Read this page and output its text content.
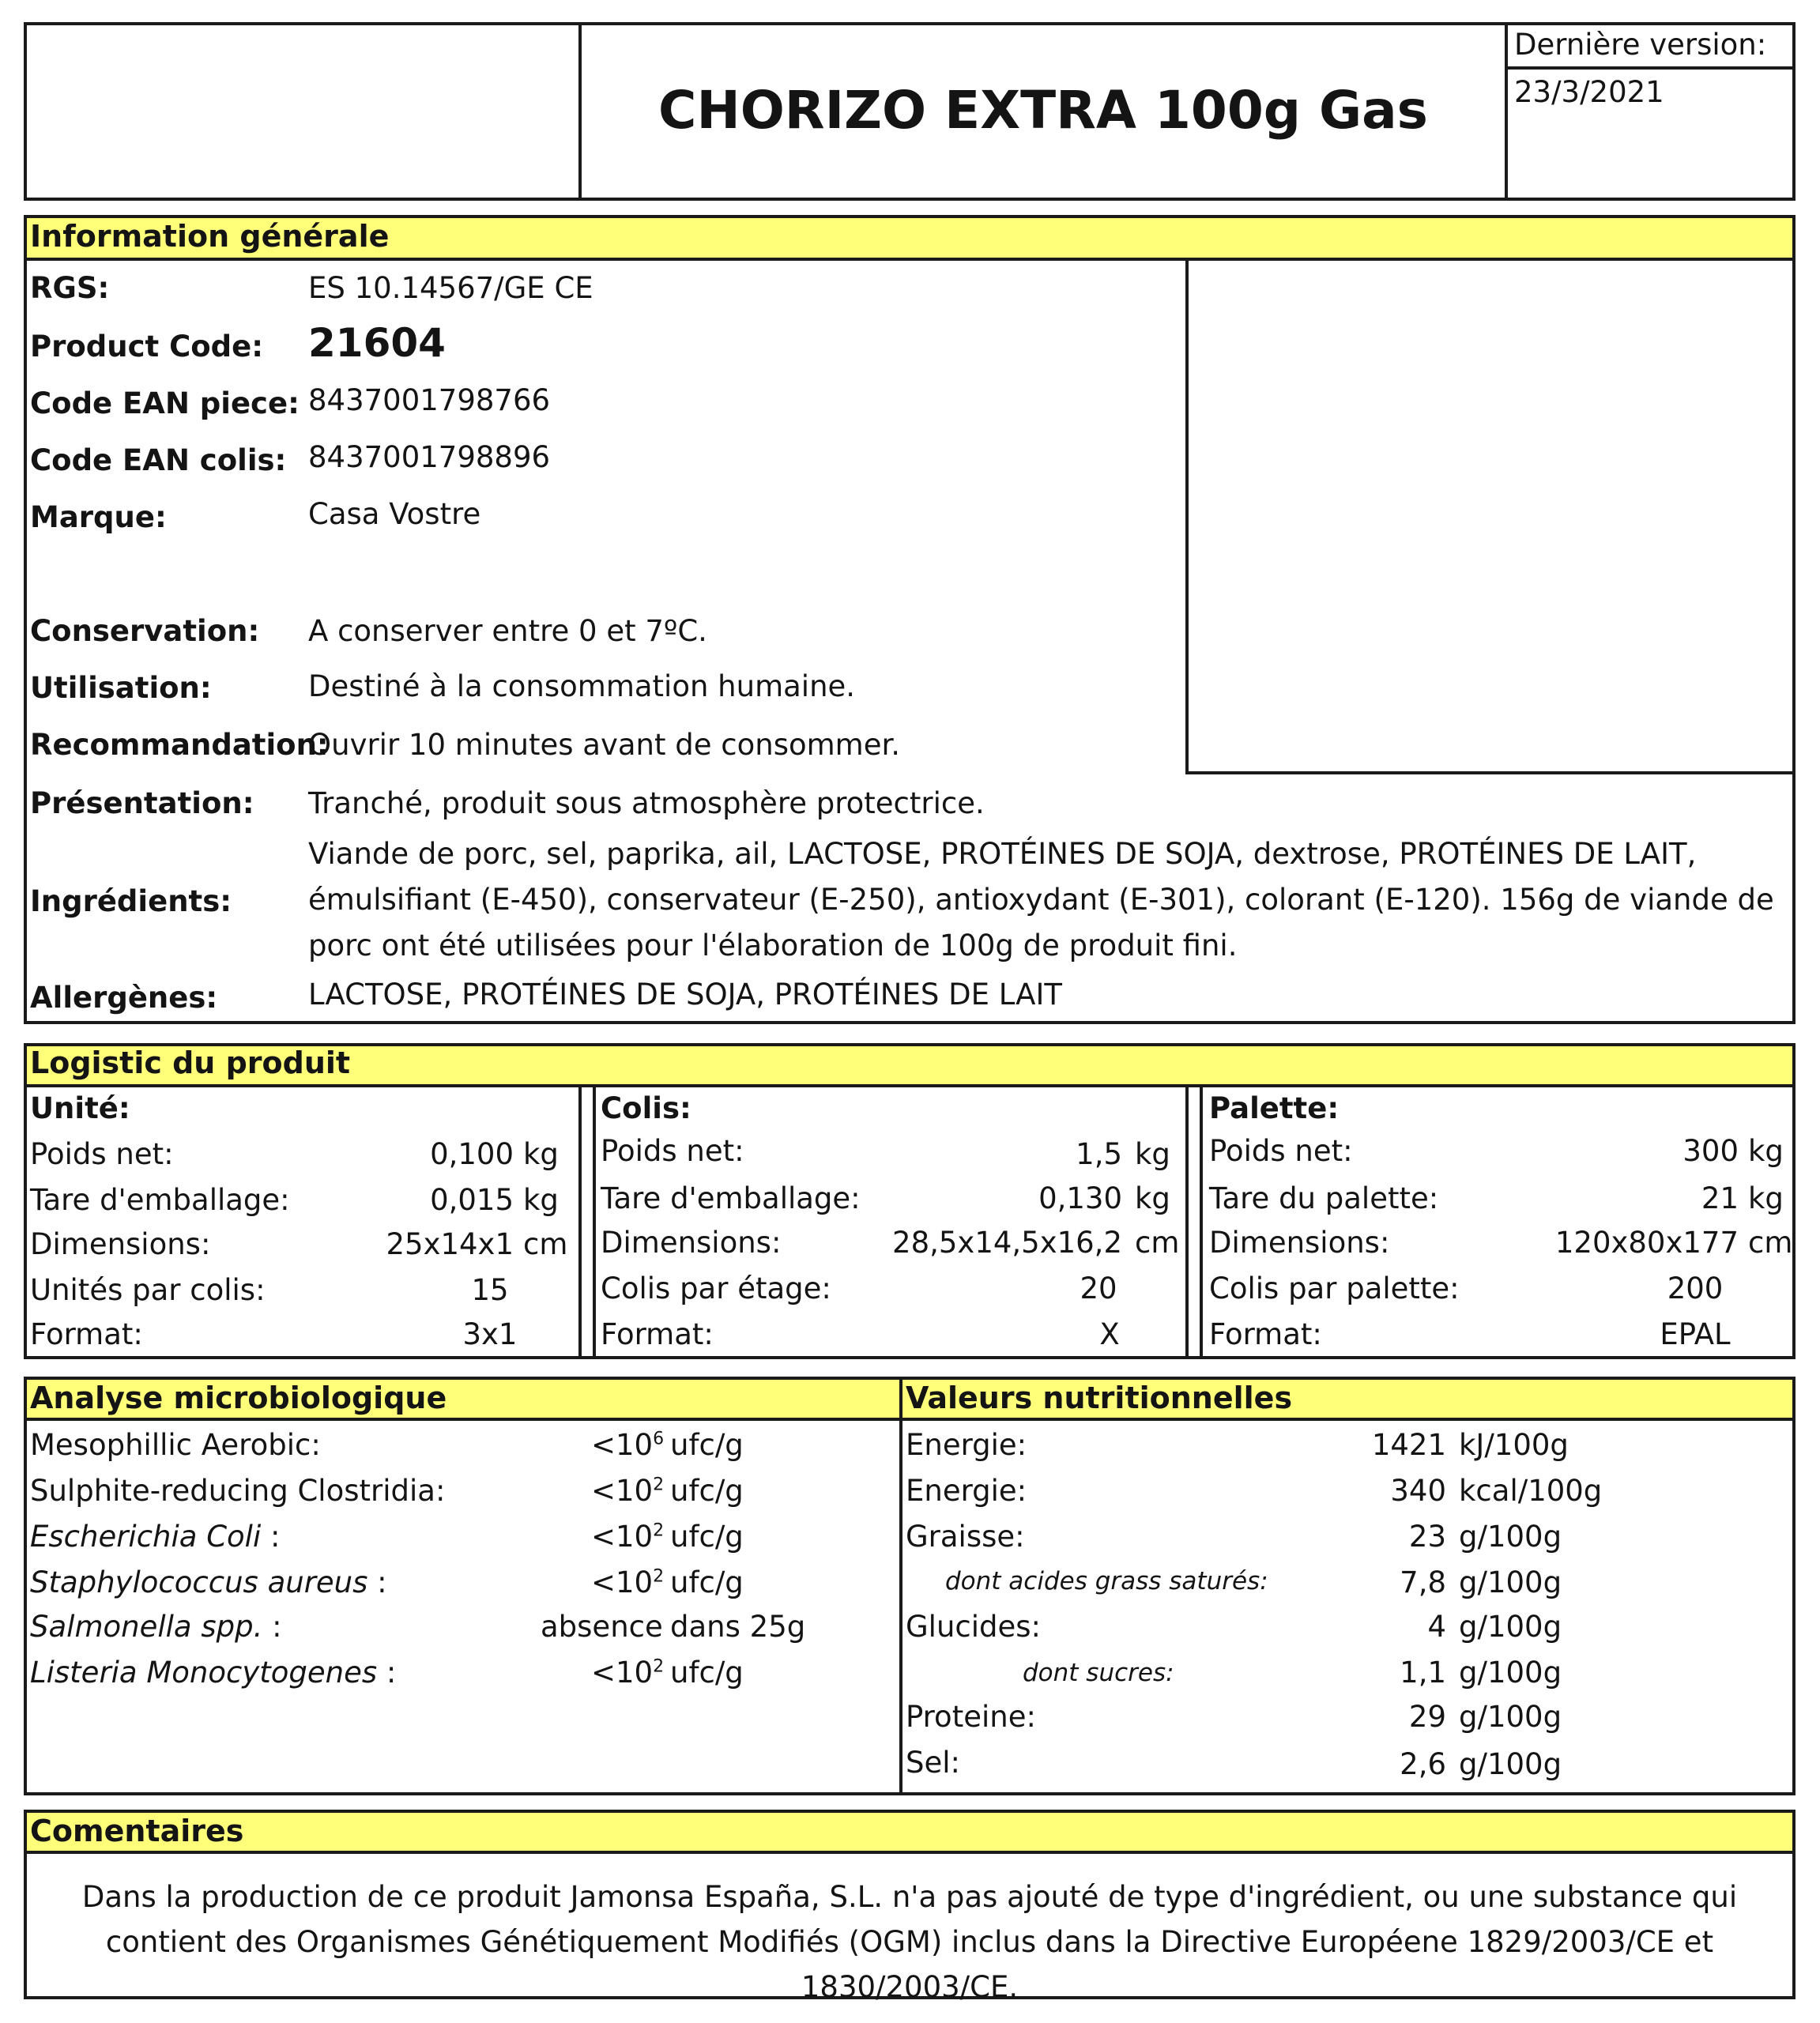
CHORIZO EXTRA 100g Gas
Dernière version:
23/3/2021
Information générale
RGS:	ES 10.14567/GE CE
Product Code: 21604
Code EAN piece: 8437001798766
Code EAN colis: 8437001798896
Marque:	Casa Vostre
Conservation: A conserver entre 0 et 7ºC.
Utilisation:	Destiné à la consommation humaine.
Recommandation:
Ouvrir 10 minutes avant de consommer.
Présentation: Tranché, produit sous atmosphère protectrice.
Ingrédients:
Viande de porc, sel, paprika, ail, LACTOSE, PROTÉINES DE SOJA, dextrose, PROTÉINES DE LAIT, émulsifiant (E-450), conservateur (E-250), antioxydant (E-301), colorant (E-120). 156g de viande de porc ont été utilisées pour l'élaboration de 100g de produit fini.
Allergènes:	LACTOSE, PROTÉINES DE SOJA, PROTÉINES DE LAIT
Logistic du produit
Unité:
Poids net:	0,100 kg
Tare d'emballage:	0,015 kg
Dimensions:	25x14x1 cm
Unités par colis:	15
Format:	3x1
Colis:
Poids net:	1,5 kg
Tare d'emballage:	0,130 kg
Dimensions:	28,5x14,5x16,2 cm
Colis par étage:	20
Format:	X
Palette:
Poids net:	300 kg
Tare du palette:	21 kg
Dimensions:	120x80x177 cm
Colis par palette:	200
Format:	EPAL
Analyse microbiologique	Valeurs nutritionnelles
Mesophillic Aerobic:	$<10^6$ ufc/g
Sulphite-reducing Clostridia:	$<10^2$ ufc/g
Escherichia Coli :	$<10^2$ ufc/g
Staphylococcus aureus :	$<10^2$ ufc/g
Salmonella spp. :	absence dans 25g
Listeria Monocytogenes :	$<10^2$ ufc/g
Energie:	1421 kJ/100g
Energie:	340 kcal/100g
Graisse:	23 g/100g
dont acides grass saturés:	7,8 g/100g
Glucides:	4 g/100g
dont sucres:	1,1 g/100g
Proteine:	29 g/100g
Sel:	2,6 g/100g
Comentaires
Dans la production de ce produit Jamonsa España, S.L. n'a pas ajouté de type d'ingrédient, ou une substance qui contient des Organismes Génétiquement Modifiés (OGM) inclus dans la Directive Européene 1829/2003/CE et 1830/2003/CE.
